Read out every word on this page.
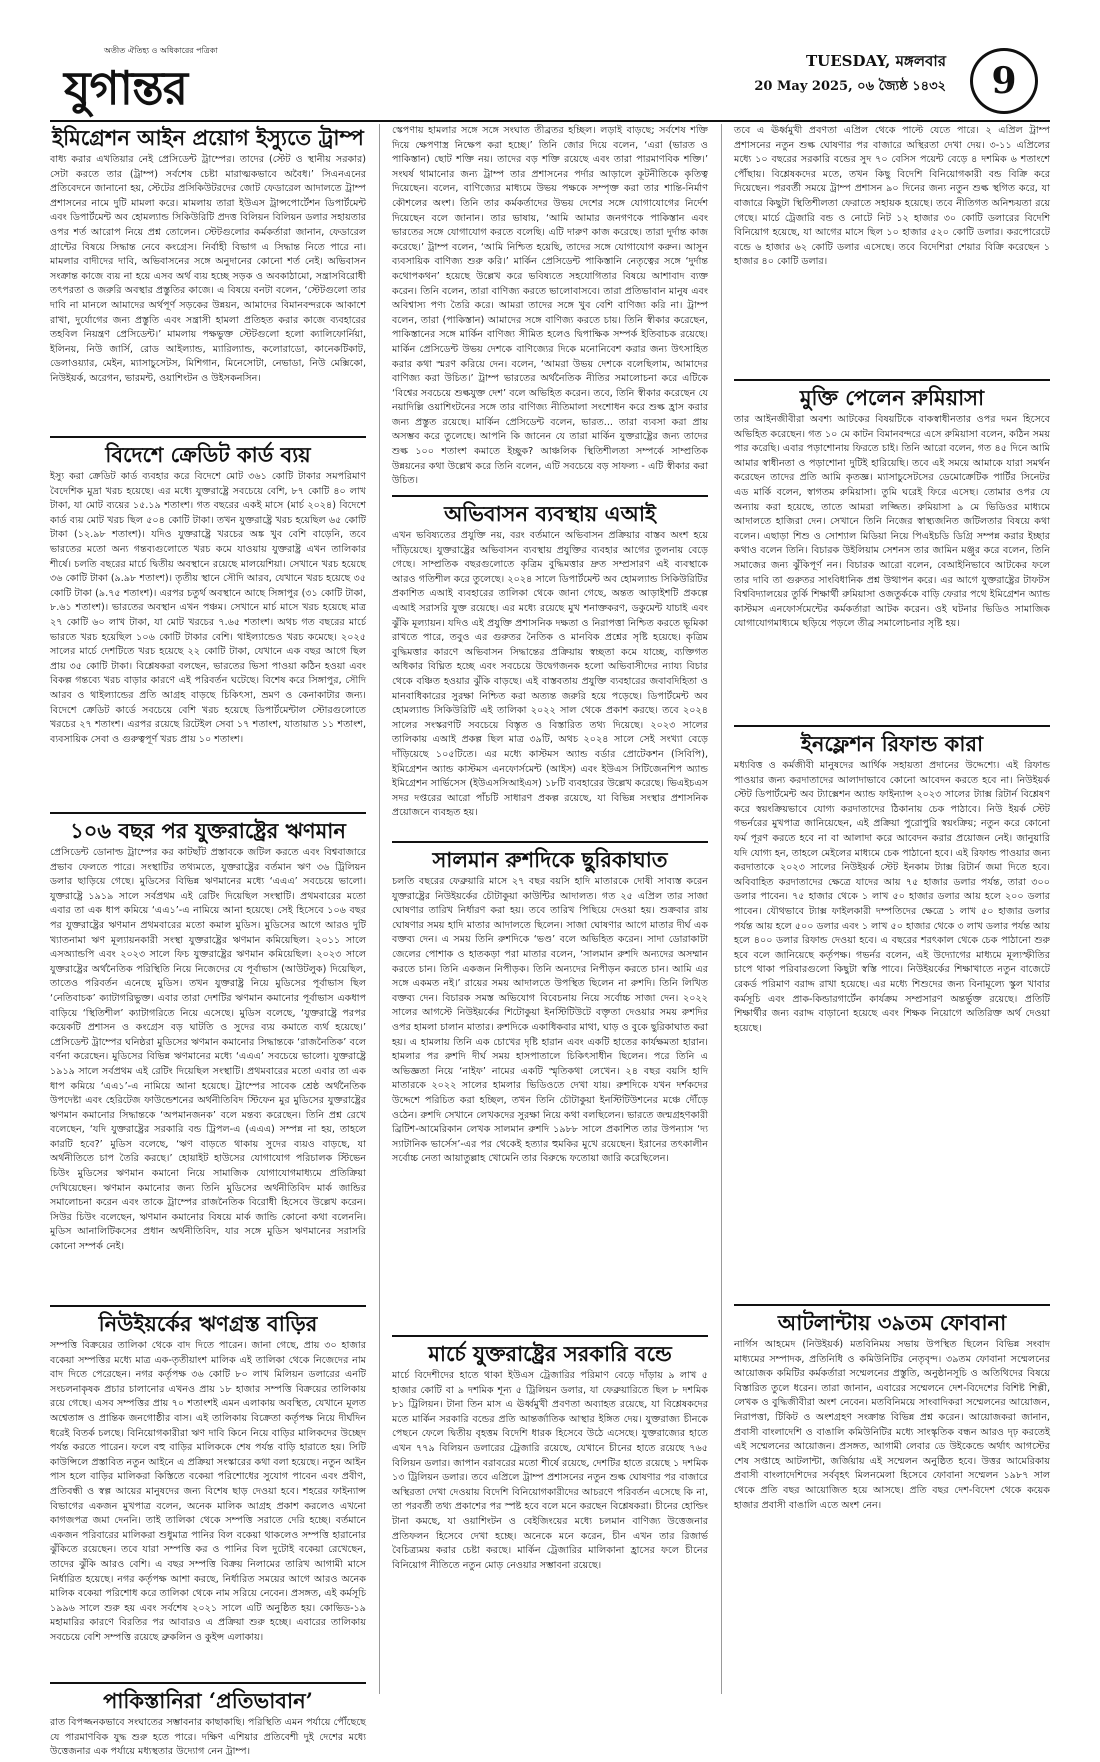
অতীত ঐতিহ্য ও অধিকারের পত্রিকা
যুগান্তর	TUESDAY, মঙ্গলবার
20 May 2025, ০৬ জ্যৈষ্ঠ ১৪৩২	9
ইমিগ্রেশন আইন প্রয়োগ ইস্যুতে ট্রাম্প
বাধ্য করার এখতিয়ার নেই প্রেসিডেন্ট ট্রাম্পের। তাদের (স্টেট ও স্থানীয় সরকার) সেটা করতে তার (ট্রাম্প) সর্বশেষ চেষ্টা মারাত্মকভাবে অবৈধ।’ সিএনএনের প্রতিবেদনে জানানো হয়, স্টেটের প্রসিকিউটরদের জোট ফেডারেল আদালতে ট্রাম্প প্রশাসনের নামে দুটি মামলা করে। মামলায় তারা ইউএস ট্রান্সপোর্টেশন ডিপার্টমেন্ট এবং ডিপার্টমেন্ট অব হোমল্যান্ড সিকিউরিটি প্রদত্ত বিলিয়ন বিলিয়ন ডলার সহায়তার ওপর শর্ত আরোপ নিয়ে প্রশ্ন তোলেন। স্টেটগুলোর কর্মকর্তারা জানান, ফেডারেল গ্রান্টের বিষয়ে সিদ্ধান্ত নেবে কংগ্রেস। নির্বাহী বিভাগ এ সিদ্ধান্ত নিতে পারে না। মামলার বাদীদের দাবি, অভিবাসনের সঙ্গে অনুদানের কোনো শর্ত নেই। অভিবাসন সংক্রান্ত কাজে ব্যয় না হয়ে এসব অর্থ ব্যয় হচ্ছে সড়ক ও অবকাঠামো, সন্ত্রাসবিরোধী তৎপরতা ও জরুরি অবস্থার প্রস্তুতির কাজে। এ বিষয়ে বনটা বলেন, ‘স্টেটগুলো তার দাবি না মানলে আমাদের অর্থপূর্ণ সড়কের উন্নয়ন, আমাদের বিমানবন্দরকে আকাশে রাখা, দুর্যোগের জন্য প্রস্তুতি এবং সন্ত্রাসী হামলা প্রতিহত করার কাজে ব্যবহারের তহবিল নিয়ন্ত্রণ প্রেসিডেন্ট।’ মামলায় পক্ষভুক্ত স্টেটগুলো হলো ক্যালিফোর্নিয়া, ইলিনয়, নিউ জার্সি, রোড আইল্যান্ড, ম্যারিল্যান্ড, কলোরাডো, কানেকটিকাট, ডেলাওয়্যার, মেইন, ম্যাসাচুসেটস, মিশিগান, মিনেসোটা, নেভাডা, নিউ মেক্সিকো, নিউইয়র্ক, অরেগন, ভারমন্ট, ওয়াশিংটন ও উইসকনসিন।
বিদেশে ক্রেডিট কার্ড ব্যয়
ইস্যু করা ক্রেডিট কার্ড ব্যবহার করে বিদেশে মোট ৩৬১ কোটি টাকার সমপরিমাণ বৈদেশিক মুদ্রা খরচ হয়েছে। এর মধ্যে যুক্তরাষ্ট্রে সবচেয়ে বেশি, ৮৭ কোটি ৪০ লাখ টাকা, যা মোট ব্যয়ের ১৫.১৯ শতাংশ। গত বছরের একই মাসে (মার্চ ২০২৪) বিদেশে কার্ড ব্যয় মোট খরচ ছিল ৫০৪ কোটি টাকা। তখন যুক্তরাষ্ট্রে খরচ হয়েছিল ৬৫ কোটি টাকা (১২.৯৮ শতাংশ)। যদিও যুক্তরাষ্ট্রে খরচের অঙ্ক খুব বেশি বাড়েনি, তবে ভারতের মতো অন্য গন্তব্যগুলোতে খরচ কমে যাওয়ায় যুক্তরাষ্ট্র এখন তালিকার শীর্ষে। চলতি বছরের মার্চে দ্বিতীয় অবস্থানে রয়েছে মালয়েশিয়া। সেখানে খরচ হয়েছে ৩৬ কোটি টাকা (৯.৯৮ শতাংশ)। তৃতীয় স্থানে সৌদি আরব, যেখানে খরচ হয়েছে ৩৫ কোটি টাকা (৯.৭৫ শতাংশ)। এরপর চতুর্থ অবস্থানে আছে সিঙ্গাপুর (৩১ কোটি টাকা, ৮.৬১ শতাংশ)। ভারতের অবস্থান এখন পঞ্চম। সেখানে মার্চ মাসে খরচ হয়েছে মাত্র ২৭ কোটি ৬০ লাখ টাকা, যা মোট খরচের ৭.৬৫ শতাংশ। অথচ গত বছরের মার্চে ভারতে খরচ হয়েছিল ১০৬ কোটি টাকার বেশি। থাইল্যান্ডেও খরচ কমেছে। ২০২৫ সালের মার্চে দেশটিতে খরচ হয়েছে ২২ কোটি টাকা, যেখানে এক বছর আগে ছিল প্রায় ৩৫ কোটি টাকা। বিশ্লেষকরা বলছেন, ভারতের ভিসা পাওয়া কঠিন হওয়া এবং বিকল্প গন্তব্যে খরচ বাড়ার কারণে এই পরিবর্তন ঘটেছে। বিশেষ করে সিঙ্গাপুর, সৌদি আরব ও থাইল্যান্ডের প্রতি আগ্রহ বাড়ছে চিকিৎসা, ভ্রমণ ও কেনাকাটার জন্য। বিদেশে ক্রেডিট কার্ডে সবচেয়ে বেশি খরচ হয়েছে ডিপার্টমেন্টাল স্টোরগুলোতে খরচের ২৭ শতাংশ। এরপর রয়েছে রিটেইল সেবা ১৭ শতাংশ, যাতায়াত ১১ শতাংশ, ব্যবসায়িক সেবা ও গুরুত্বপূর্ণ খরচ প্রায় ১০ শতাংশ।
১০৬ বছর পর যুক্তরাষ্ট্রের ঋণমান
প্রেসিডেন্ট ডোনাল্ড ট্রাম্পের কর কাটছাঁট প্রস্তাবকে জটিল করতে এবং বিশ্ববাজারে প্রভাব ফেলতে পারে। সংস্থাটির তথ্যমতে, যুক্তরাষ্ট্রের বর্তমান ঋণ ৩৬ ট্রিলিয়ন ডলার ছাড়িয়ে গেছে। মুডিসের বিভিন্ন ঋণমানের মধ্যে ‘এএএ’ সবচেয়ে ভালো। যুক্তরাষ্ট্রে ১৯১৯ সালে সর্বপ্রথম এই রেটিং দিয়েছিল সংস্থাটি। প্রথমবারের মতো এবার তা এক ধাপ কমিয়ে ‘এএ১’-এ নামিয়ে আনা হয়েছে। সেই হিসেবে ১০৬ বছর পর যুক্তরাষ্ট্রের ঋণমান প্রথমবারের মতো কমাল মুডিস। মুডিসের আগে আরও দুটি খ্যাতনামা ঋণ মূল্যায়নকারী সংস্থা যুক্তরাষ্ট্রের ঋণমান কমিয়েছিল। ২০১১ সালে এসঅ্যান্ডপি এবং ২০২৩ সালে ফিচ যুক্তরাষ্ট্রের ঋণমান কমিয়েছিল। ২০২৩ সালে যুক্তরাষ্ট্রের অর্থনৈতিক পরিস্থিতি নিয়ে নিজেদের যে পূর্বাভাস (আউটলুক) দিয়েছিল, তাতেও পরিবর্তন এনেছে মুডিস। তখন যুক্তরাষ্ট্র নিয়ে মুডিসের পূর্বাভাস ছিল ‘নেতিবাচক’ ক্যাটাগরিভুক্ত। এবার তারা দেশটির ঋণমান কমানোর পূর্বাভাস একধাপ বাড়িয়ে ‘স্থিতিশীল’ ক্যাটাগরিতে নিয়ে এসেছে। মুডিস বলেছে, ‘যুক্তরাষ্ট্রে পরপর কয়েকটি প্রশাসন ও কংগ্রেস বড় ঘাটতি ও সুদের ব্যয় কমাতে ব্যর্থ হয়েছে।’ প্রেসিডেন্ট ট্রাম্পের ঘনিষ্ঠরা মুডিসের ঋণমান কমানোর সিদ্ধান্তকে ‘রাজনৈতিক’ বলে বর্ণনা করেছেন। মুডিসের বিভিন্ন ঋণমানের মধ্যে ‘এএএ’ সবচেয়ে ভালো। যুক্তরাষ্ট্রে ১৯১৯ সালে সর্বপ্রথম এই রেটিং দিয়েছিল সংস্থাটি। প্রথমবারের মতো এবার তা এক ধাপ কমিয়ে ‘এএ১’-এ নামিয়ে আনা হয়েছে। ট্রাম্পের সাবেক শ্রেষ্ঠ অর্থনৈতিক উপদেষ্টা এবং হেরিটেজ ফাউন্ডেশনের অর্থনীতিবিদ স্টিফেন মুর মুডিসের যুক্তরাষ্ট্রের ঋণমান কমানোর সিদ্ধান্তকে ‘অপমানজনক’ বলে মন্তব্য করেছেন। তিনি প্রশ্ন রেখে বলেছেন, ‘যদি যুক্তরাষ্ট্রের সরকারি বন্ড ট্রিপল-এ (এএএ) সম্পন্ন না হয়, তাহলে কারটি হবে?’ মুডিস বলেছে, ‘ঋণ বাড়তে থাকায় সুদের ব্যয়ও বাড়ছে, যা অর্থনীতিতে চাপ তৈরি করছে।’ হোয়াইট হাউসের যোগাযোগ পরিচালক স্টিভেন চিউং মুডিসের ঋণমান কমানো নিয়ে সামাজিক যোগাযোগমাধ্যমে প্রতিক্রিয়া দেখিয়েছেন। ঋণমান কমানোর জন্য তিনি মুডিসের অর্থনীতিবিদ মার্ক জান্ডির সমালোচনা করেন এবং তাকে ট্রাম্পের রাজনৈতিক বিরোধী হিসেবে উল্লেখ করেন। সিউর চিউং বলেছেন, ঋণমান কমানোর বিষয়ে মার্ক জান্ডি কোনো কথা বলেননি। মুডিস আনালিটিকসের প্রধান অর্থনীতিবিদ, যার সঙ্গে মুডিস ঋণমানের সরাসরি কোনো সম্পর্ক নেই।
নিউইয়র্কের ঋণগ্রস্ত বাড়ির
সম্পত্তি বিক্রয়ের তালিকা থেকে বাদ দিতে পারেন। জানা গেছে, প্রায় ৩০ হাজার বকেয়া সম্পত্তির মধ্যে মাত্র এক-তৃতীয়াংশ মালিক এই তালিকা থেকে নিজেদের নাম বাদ দিতে পেরেছেন। নগর কর্তৃপক্ষ ৩৬ কোটি ৮০ লাখ মিলিয়ন ডলারের এনটি সংচলনাকৃষক প্রচার চালানোর এখনও প্রায় ১৮ হাজার সম্পত্তি বিক্রয়ের তালিকায় রয়ে গেছে। এসব সম্পত্তির প্রায় ৭০ শতাংশই এমন এলাকায় অবস্থিত, যেখানে মূলত অশ্বেতাঙ্গ ও প্রান্তিক জনগোষ্ঠীর বাস। এই তালিকায় বিক্রেতা কর্তৃপক্ষ নিয়ে দীর্ঘদিন ধরেই বিতর্ক চলছে। বিনিয়োগকারীরা ঋণ দাবি কিনে নিয়ে বাড়ির মালিকদের উচ্ছেদ পর্যন্ত করতে পারেন। ফলে বহু বাড়ির মালিককে শেষ পর্যন্ত বাড়ি হারাতে হয়। সিটি কাউন্সিলে প্রস্তাবিত নতুন আইনে এ প্রক্রিয়া সংস্কারের কথা বলা হয়েছে। নতুন আইন পাস হলে বাড়ির মালিকরা কিস্তিতে বকেয়া পরিশোধের সুযোগ পাবেন এবং প্রবীণ, প্রতিবন্ধী ও স্বল্প আয়ের মানুষদের জন্য বিশেষ ছাড় দেওয়া হবে। শহরের ফাইন্যান্স বিভাগের একজন মুখপাত্র বলেন, অনেক মালিক আগ্রহ প্রকাশ করলেও এখনো কাগজপত্র জমা দেননি। তাই তালিকা থেকে সম্পত্তি সরাতে দেরি হচ্ছে। বর্তমানে একজন পরিবারের মালিকরা শুধুমাত্র পানির বিল বকেয়া থাকলেও সম্পত্তি হারানোর ঝুঁকিতে রয়েছেন। তবে যারা সম্পত্তি কর ও পানির বিল দুটোই বকেয়া রেখেছেন, তাদের ঝুঁকি আরও বেশি। এ বছর সম্পত্তি বিক্রয় নিলামের তারিখ আগামী মাসে নির্ধারিত হয়েছে। নগর কর্তৃপক্ষ আশা করছে, নির্ধারিত সময়ের আগে আরও অনেক মালিক বকেয়া পরিশোধ করে তালিকা থেকে নাম সরিয়ে নেবেন। প্রসঙ্গত, এই কর্মসূচি ১৯৯৬ সালে শুরু হয় এবং সর্বশেষ ২০২১ সালে এটি অনুষ্ঠিত হয়। কোভিড-১৯ মহামারির কারণে বিরতির পর আবারও এ প্রক্রিয়া শুরু হচ্ছে। এবারের তালিকায় সবচেয়ে বেশি সম্পত্তি রয়েছে ব্রুকলিন ও কুইন্স এলাকায়।
পাকিস্তানিরা ‘প্রতিভাবান’
রাত বিপজ্জনকভাবে সংঘাতের সম্ভাবনার কাছাকাছি। পরিস্থিতি এমন পর্যায়ে পৌঁছেছে যে পারমাণবিক যুদ্ধ শুরু হতে পারে। দক্ষিণ এশিয়ার প্রতিবেশী দুই দেশের মধ্যে উত্তেজনার এক পর্যায়ে মধ্যস্থতার উদ্যোগ নেন ট্রাম্প।
স্কেপণায় হামলার সঙ্গে সঙ্গে সংঘাত তীব্রতর হচ্ছিল। লড়াই বাড়ছে; সর্বশেষ শক্তি দিয়ে ক্ষেপণাস্ত্র নিক্ষেপ করা হচ্ছে।’ তিনি জোর দিয়ে বলেন, ‘এরা (ভারত ও পাকিস্তান) ছোট শক্তি নয়। তাদের বড় শক্তি রয়েছে এবং তারা পারমাণবিক শক্তি।’ সংঘর্ষ থামানোর জন্য ট্রাম্প তার প্রশাসনের পর্দার আড়ালে কূটনীতিকে কৃতিত্ব দিয়েছেন। বলেন, বাণিজ্যের মাধ্যমে উভয় পক্ষকে সম্পৃক্ত করা তার শান্তি-নির্মাণ কৌশলের অংশ। তিনি তার কর্মকর্তাদের উভয় দেশের সঙ্গে যোগাযোগের নির্দেশ দিয়েছেন বলে জানান। তার ভাষায়, ‘আমি আমার জনগণকে পাকিস্তান এবং ভারতের সঙ্গে যোগাযোগ করতে বলেছি। এটি দারুণ কাজ করেছে। তারা দুর্দান্ত কাজ করেছে।’ ট্রাম্প বলেন, ‘আমি নিশ্চিত হয়েছি, তাদের সঙ্গে যোগাযোগ করুন। আসুন ব্যবসায়িক বাণিজ্য শুরু করি।’ মার্কিন প্রেসিডেন্ট পাকিস্তানি নেতৃত্বের সঙ্গে ‘দুর্দান্ত কথোপকথন’ হয়েছে উল্লেখ করে ভবিষ্যতে সহযোগিতার বিষয়ে আশাবাদ ব্যক্ত করেন। তিনি বলেন, তারা বাণিজ্য করতে ভালোবাসবে। তারা প্রতিভাবান মানুষ এবং অবিশ্বাস্য পণ্য তৈরি করে। আমরা তাদের সঙ্গে খুব বেশি বাণিজ্য করি না। ট্রাম্প বলেন, তারা (পাকিস্তান) আমাদের সঙ্গে বাণিজ্য করতে চায়। তিনি স্বীকার করেছেন, পাকিস্তানের সঙ্গে মার্কিন বাণিজ্য সীমিত হলেও দ্বিপাক্ষিক সম্পর্ক ইতিবাচক রয়েছে। মার্কিন প্রেসিডেন্ট উভয় দেশকে বাণিজ্যের দিকে মনোনিবেশ করার জন্য উৎসাহিত করার কথা স্মরণ করিয়ে দেন। বলেন, ‘আমরা উভয় দেশকে বলেছিলাম, আমাদের বাণিজ্য করা উচিত।’ ট্রাম্প ভারতের অর্থনৈতিক নীতির সমালোচনা করে এটিকে ‘বিশ্বের সবচেয়ে শুল্কযুক্ত দেশ’ বলে অভিহিত করেন। তবে, তিনি স্বীকার করেছেন যে নয়াদিল্লি ওয়াশিংটনের সঙ্গে তার বাণিজ্য নীতিমালা সংশোধন করে শুল্ক হ্রাস করার জন্য প্রস্তুত রয়েছে। মার্কিন প্রেসিডেন্ট বলেন, ভারত... তারা ব্যবসা করা প্রায় অসম্ভব করে তুলেছে। আপনি কি জানেন যে তারা মার্কিন যুক্তরাষ্ট্রের জন্য তাদের শুল্ক ১০০ শতাংশ কমাতে ইচ্ছুক? আঞ্চলিক স্থিতিশীলতা সম্পর্কে সাম্প্রতিক উন্নয়নের কথা উল্লেখ করে তিনি বলেন, এটি সবচেয়ে বড় সাফল্য - এটি স্বীকার করা উচিত।
অভিবাসন ব্যবস্থায় এআই
এখন ভবিষ্যতের প্রযুক্তি নয়, বরং বর্তমানে অভিবাসন প্রক্রিয়ার বাস্তব অংশ হয়ে দাঁড়িয়েছে। যুক্তরাষ্ট্রের অভিবাসন ব্যবস্থায় প্রযুক্তির ব্যবহার আগের তুলনায় বেড়ে গেছে। সাম্প্রতিক বছরগুলোতে কৃত্রিম বুদ্ধিমত্তার দ্রুত সম্প্রসারণ এই ব্যবস্থাকে আরও গতিশীল করে তুলেছে। ২০২৪ সালে ডিপার্টমেন্ট অব হোমল্যান্ড সিকিউরিটির প্রকাশিত এআই ব্যবহারের তালিকা থেকে জানা গেছে, অন্তত আড়াইশটি প্রকল্পে এআই সরাসরি যুক্ত রয়েছে। এর মধ্যে রয়েছে মুখ শনাক্তকরণ, ডকুমেন্ট যাচাই এবং ঝুঁকি মূল্যায়ন। যদিও এই প্রযুক্তি প্রশাসনিক দক্ষতা ও নিরাপত্তা নিশ্চিত করতে ভূমিকা রাখতে পারে, তবুও এর গুরুতর নৈতিক ও মানবিক প্রশ্নের সৃষ্টি হয়েছে। কৃত্রিম বুদ্ধিমত্তার কারণে অভিবাসন সিদ্ধান্তের প্রক্রিয়ায় স্বচ্ছতা কমে যাচ্ছে, ব্যক্তিগত অধিকার বিঘ্নিত হচ্ছে এবং সবচেয়ে উদ্বেগজনক হলো অভিবাসীদের ন্যায্য বিচার থেকে বঞ্চিত হওয়ার ঝুঁকি বাড়ছে। এই বাস্তবতায় প্রযুক্তি ব্যবহারের জবাবদিহিতা ও মানবাধিকারের সুরক্ষা নিশ্চিত করা অত্যন্ত জরুরি হয়ে পড়েছে। ডিপার্টমেন্ট অব হোমল্যান্ড সিকিউরিটি এই তালিকা ২০২২ সাল থেকে প্রকাশ করছে। তবে ২০২৪ সালের সংস্করণটি সবচেয়ে বিস্তৃত ও বিস্তারিত তথ্য দিয়েছে। ২০২৩ সালের তালিকায় এআই প্রকল্প ছিল মাত্র ৩৯টি, অথচ ২০২৪ সালে সেই সংখ্যা বেড়ে দাঁড়িয়েছে ১০৫টিতে। এর মধ্যে কাস্টমস অ্যান্ড বর্ডার প্রোটেকশন (সিবিপি), ইমিগ্রেশন অ্যান্ড কাস্টমস এনফোর্সমেন্ট (আইস) এবং ইউএস সিটিজেনশিপ অ্যান্ড ইমিগ্রেশন সার্ভিসেস (ইউএসসিআইএস) ১৮টি ব্যবহারের উল্লেখ করেছে। ভিএইচএস সদর দপ্তরের আরো পাঁচটি সাধারণ প্রকল্প রয়েছে, যা বিভিন্ন সংস্থার প্রশাসনিক প্রয়োজনে ব্যবহৃত হয়।
সালমান রুশদিকে ছুরিকাঘাত
চলতি বছরের ফেব্রুয়ারি মাসে ২৭ বছর বয়সি হাদি মাতারকে দোষী সাব্যস্ত করেন যুক্তরাষ্ট্রের নিউইয়র্কের চৌটাকুয়া কাউন্টির আদালত। গত ২৫ এপ্রিল তার সাজা ঘোষণার তারিখ নির্ধারণ করা হয়। তবে তারিখ পিছিয়ে দেওয়া হয়। শুক্রবার রায় ঘোষণার সময় হাদি মাতার আদালতে ছিলেন। সাজা ঘোষণার আগে মাতার দীর্ঘ এক বক্তব্য দেন। এ সময় তিনি রুশদিকে ‘ভণ্ড’ বলে অভিহিত করেন। সাদা ডোরাকাটা জেলের পোশাক ও হাতকড়া পরা মাতার বলেন, ‘সালমান রুশদি অন্যদের অসম্মান করতে চান। তিনি একজন নিপীড়ক। তিনি অন্যদের নিপীড়ন করতে চান। আমি এর সঙ্গে একমত নই।’ রায়ের সময় আদালতে উপস্থিত ছিলেন না রুশদি। তিনি লিখিত বক্তব্য দেন। বিচারক সমস্ত অভিযোগ বিবেচনায় নিয়ে সর্বোচ্চ সাজা দেন। ২০২২ সালের আগস্টে নিউইয়র্কের শিটোকুয়া ইনস্টিটিউটে বক্তৃতা দেওয়ার সময় রুশদির ওপর হামলা চালান মাতার। রুশদিকে একাধিকবার মাথা, ঘাড় ও বুকে ছুরিকাঘাত করা হয়। এ হামলায় তিনি এক চোখের দৃষ্টি হারান এবং একটি হাতের কার্যক্ষমতা হারান। হামলার পর রুশদি দীর্ঘ সময় হাসপাতালে চিকিৎসাধীন ছিলেন। পরে তিনি এ অভিজ্ঞতা নিয়ে ‘নাইফ’ নামের একটি স্মৃতিকথা লেখেন। ২৪ বছর বয়সি হাদি মাতারকে ২০২২ সালের হামলার ভিডিওতে দেখা যায়। রুশদিকে যখন দর্শকদের উদ্দেশে পরিচিত করা হচ্ছিল, তখন তিনি চৌটাকুয়া ইনস্টিটিউশনের মঞ্চে দৌঁড়ে ওঠেন। রুশদি সেখানে লেখকদের সুরক্ষা নিয়ে কথা বলছিলেন। ভারতে জন্মগ্রহণকারী ব্রিটিশ-আমেরিকান লেখক সালমান রুশদি ১৯৮৮ সালে প্রকাশিত তার উপন্যাস ‘দ্য স্যাটানিক ভার্সেস’-এর পর থেকেই হত্যার হুমকির মুখে রয়েছেন। ইরানের তৎকালীন সর্বোচ্চ নেতা আয়াতুল্লাহ খোমেনি তার বিরুদ্ধে ফতোয়া জারি করেছিলেন।
মার্চে যুক্তরাষ্ট্রের সরকারি বন্ডে
মার্চে বিদেশীদের হাতে থাকা ইউএস ট্রেজারির পরিমাণ বেড়ে দাঁড়ায় ৯ লাখ ৫ হাজার কোটি বা ৯ দশমিক শূন্য ৫ ট্রিলিয়ন ডলার, যা ফেব্রুয়ারিতে ছিল ৮ দশমিক ৮১ ট্রিলিয়ন। টানা তিন মাস এ ঊর্ধ্বমুখী প্রবণতা অব্যাহত রয়েছে, যা বিশ্লেষকদের মতে মার্কিন সরকারি বন্ডের প্রতি আন্তর্জাতিক আস্থার ইঙ্গিত দেয়। যুক্তরাজ্য চীনকে পেছনে ফেলে দ্বিতীয় বৃহত্তম বিদেশি ধারক হিসেবে উঠে এসেছে। যুক্তরাজ্যের হাতে এখন ৭৭৯ বিলিয়ন ডলারের ট্রেজারি রয়েছে, যেখানে চীনের হাতে রয়েছে ৭৬৫ বিলিয়ন ডলার। জাপান বরাবরের মতো শীর্ষে রয়েছে, দেশটির হাতে রয়েছে ১ দশমিক ১৩ ট্রিলিয়ন ডলার। তবে এপ্রিলে ট্রাম্প প্রশাসনের নতুন শুল্ক ঘোষণার পর বাজারে অস্থিরতা দেখা দেওয়ায় বিদেশি বিনিয়োগকারীদের আচরণে পরিবর্তন এসেছে কি না, তা পরবর্তী তথ্য প্রকাশের পর স্পষ্ট হবে বলে মনে করছেন বিশ্লেষকরা। চীনের হোল্ডিং টানা কমছে, যা ওয়াশিংটন ও বেইজিংয়ের মধ্যে চলমান বাণিজ্য উত্তেজনার প্রতিফলন হিসেবে দেখা হচ্ছে। অনেকে মনে করেন, চীন এখন তার রিজার্ভ বৈচিত্র্যময় করার চেষ্টা করছে। মার্কিন ট্রেজারির মালিকানা হ্রাসের ফলে চীনের বিনিয়োগ নীতিতে নতুন মোড় নেওয়ার সম্ভাবনা রয়েছে।
তবে এ ঊর্ধ্বমুখী প্রবণতা এপ্রিল থেকে পাল্টে যেতে পারে। ২ এপ্রিল ট্রাম্প প্রশাসনের নতুন শুল্ক ঘোষণার পর বাজারে অস্থিরতা দেখা দেয়। ৩-১১ এপ্রিলের মধ্যে ১০ বছরের সরকারি বন্ডের সুদ ৭০ বেসিস পয়েন্ট বেড়ে ৪ দশমিক ৬ শতাংশে পৌঁছায়। বিশ্লেষকদের মতে, তখন কিছু বিদেশি বিনিয়োগকারী বন্ড বিক্রি করে দিয়েছেন। পরবর্তী সময়ে ট্রাম্প প্রশাসন ৯০ দিনের জন্য নতুন শুল্ক স্থগিত করে, যা বাজারে কিছুটা স্থিতিশীলতা ফেরাতে সহায়ক হয়েছে। তবে নীতিগত অনিশ্চয়তা রয়ে গেছে। মার্চে ট্রেজারি বন্ড ও নোটে নিট ১২ হাজার ৩০ কোটি ডলারের বিদেশি বিনিয়োগ হয়েছে, যা আগের মাসে ছিল ১০ হাজার ৫২০ কোটি ডলার। করপোরেটে বন্ডে ৬ হাজার ৬২ কোটি ডলার এসেছে। তবে বিদেশিরা শেয়ার বিক্রি করেছেন ১ হাজার ৪০ কোটি ডলার।
মুক্তি পেলেন রুমিয়াসা
তার আইনজীবীরা অবশ্য আটকের বিষয়টিকে বাকস্বাধীনতার ওপর দমন হিসেবে অভিহিত করেছেন। গত ১০ মে কাটন বিমানবন্দরে এসে রুমিয়াসা বলেন, কঠিন সময় পার করেছি। এবার পড়াশোনায় ফিরতে চাই। তিনি আরো বলেন, গত ৪৫ দিনে আমি আমার স্বাধীনতা ও পড়াশোনা দুটিই হারিয়েছি। তবে এই সময়ে আমাকে যারা সমর্থন করেছেন তাদের প্রতি আমি কৃতজ্ঞ। ম্যাসাচুসেটসের ডেমোক্রেটিক পার্টির সিনেটর এড মার্কি বলেন, স্বাগতম রুমিয়াসা। তুমি ঘরেই ফিরে এসেছ। তোমার ওপর যে অন্যায় করা হয়েছে, তাতে আমরা লজ্জিত। রুমিয়াসা ৯ মে ভিডিওর মাধ্যমে আদালতে হাজিরা দেন। সেখানে তিনি নিজের স্বাস্থ্যজনিত জটিলতার বিষয়ে কথা বলেন। এছাড়া শিশু ও সোশ্যাল মিডিয়া নিয়ে পিএইচডি ডিগ্রি সম্পন্ন করার ইচ্ছার কথাও বলেন তিনি। বিচারক উইলিয়াম সেশনস তার জামিন মঞ্জুর করে বলেন, তিনি সমাজের জন্য ঝুঁকিপূর্ণ নন। বিচারক আরো বলেন, বেআইনিভাবে আটকের ফলে তার দাবি তা গুরুতর সাংবিধানিক প্রশ্ন উত্থাপন করে। এর আগে যুক্তরাষ্ট্রের টাফটস বিশ্ববিদ্যালয়ের তুর্কি শিক্ষার্থী রুমিয়াসা ওজতুর্ককে বাড়ি ফেরার পথে ইমিগ্রেশন অ্যান্ড কাস্টমস এনফোর্সমেন্টের কর্মকর্তারা আটক করেন। ওই ঘটনার ভিডিও সামাজিক যোগাযোগমাধ্যমে ছড়িয়ে পড়লে তীব্র সমালোচনার সৃষ্টি হয়।
ইনফ্লেশন রিফান্ড কারা
মধ্যবিত্ত ও কর্মজীবী মানুষদের আর্থিক সহায়তা প্রদানের উদ্দেশ্যে। এই রিফান্ড পাওয়ার জন্য করদাতাদের আলাদাভাবে কোনো আবেদন করতে হবে না। নিউইয়র্ক স্টেট ডিপার্টমেন্ট অব ট্যাক্সেশন অ্যান্ড ফাইন্যান্স ২০২৩ সালের ট্যাক্স রিটার্ন বিশ্লেষণ করে স্বয়ংক্রিয়ভাবে যোগ্য করদাতাদের ঠিকানায় চেক পাঠাবে। নিউ ইয়র্ক স্টেট গভর্নরের মুখপাত্র জানিয়েছেন, এই প্রক্রিয়া পুরোপুরি স্বয়ংক্রিয়; নতুন করে কোনো ফর্ম পূরণ করতে হবে না বা আলাদা করে আবেদন করার প্রয়োজন নেই। জানুয়ারি যদি যোগ্য হন, তাহলে মেইলের মাধ্যমে চেক পাঠানো হবে। এই রিফান্ড পাওয়ার জন্য করদাতাকে ২০২৩ সালের নিউইয়র্ক স্টেট ইনকাম ট্যাক্স রিটার্ন জমা দিতে হবে। অবিবাহিত করদাতাদের ক্ষেত্রে যাদের আয় ৭৫ হাজার ডলার পর্যন্ত, তারা ৩০০ ডলার পাবেন। ৭৫ হাজার থেকে ১ লাখ ৫০ হাজার ডলার আয় হলে ২০০ ডলার পাবেন। যৌথভাবে ট্যাক্স ফাইলকারী দম্পতিদের ক্ষেত্রে ১ লাখ ৫০ হাজার ডলার পর্যন্ত আয় হলে ৫০০ ডলার এবং ১ লাখ ৫০ হাজার থেকে ৩ লাখ ডলার পর্যন্ত আয় হলে ৪০০ ডলার রিফান্ড দেওয়া হবে। এ বছরের শরৎকাল থেকে চেক পাঠানো শুরু হবে বলে জানিয়েছে কর্তৃপক্ষ। গভর্নর বলেন, এই উদ্যোগের মাধ্যমে মূল্যস্ফীতির চাপে থাকা পরিবারগুলো কিছুটা স্বস্তি পাবে। নিউইয়র্কের শিক্ষাখাতে নতুন বাজেটে রেকর্ড পরিমাণ বরাদ্দ রাখা হয়েছে। এর মধ্যে শিশুদের জন্য বিনামূল্যে স্কুল খাবার কর্মসূচি এবং প্রাক-কিন্ডারগার্টেন কার্যক্রম সম্প্রসারণ অন্তর্ভুক্ত রয়েছে। প্রতিটি শিক্ষার্থীর জন্য বরাদ্দ বাড়ানো হয়েছে এবং শিক্ষক নিয়োগে অতিরিক্ত অর্থ দেওয়া হয়েছে।
আটলান্টায় ৩৯তম ফোবানা
নার্গিস আহমেদ (নিউইয়র্ক) মতবিনিময় সভায় উপস্থিত ছিলেন বিভিন্ন সংবাদ মাধ্যমের সম্পাদক, প্রতিনিধি ও কমিউনিটির নেতৃবৃন্দ। ৩৯তম ফোবানা সম্মেলনের আয়োজক কমিটির কর্মকর্তারা সম্মেলনের প্রস্তুতি, অনুষ্ঠানসূচি ও অতিথিদের বিষয়ে বিস্তারিত তুলে ধরেন। তারা জানান, এবারের সম্মেলনে দেশ-বিদেশের বিশিষ্ট শিল্পী, লেখক ও বুদ্ধিজীবীরা অংশ নেবেন। মতবিনিময়ে সাংবাদিকরা সম্মেলনের আয়োজন, নিরাপত্তা, টিকিট ও অংশগ্রহণ সংক্রান্ত বিভিন্ন প্রশ্ন করেন। আয়োজকরা জানান, প্রবাসী বাংলাদেশি ও বাঙালি কমিউনিটির মধ্যে সাংস্কৃতিক বন্ধন আরও দৃঢ় করতেই এই সম্মেলনের আয়োজন। প্রসঙ্গত, আগামী লেবার ডে উইকেন্ডে অর্থাৎ আগস্টের শেষ সপ্তাহে আটলান্টা, জর্জিয়ায় এই সম্মেলন অনুষ্ঠিত হবে। উত্তর আমেরিকায় প্রবাসী বাংলাদেশিদের সর্ববৃহৎ মিলনমেলা হিসেবে ফোবানা সম্মেলন ১৯৮৭ সাল থেকে প্রতি বছর আয়োজিত হয়ে আসছে। প্রতি বছর দেশ-বিদেশ থেকে কয়েক হাজার প্রবাসী বাঙালি এতে অংশ নেন।
